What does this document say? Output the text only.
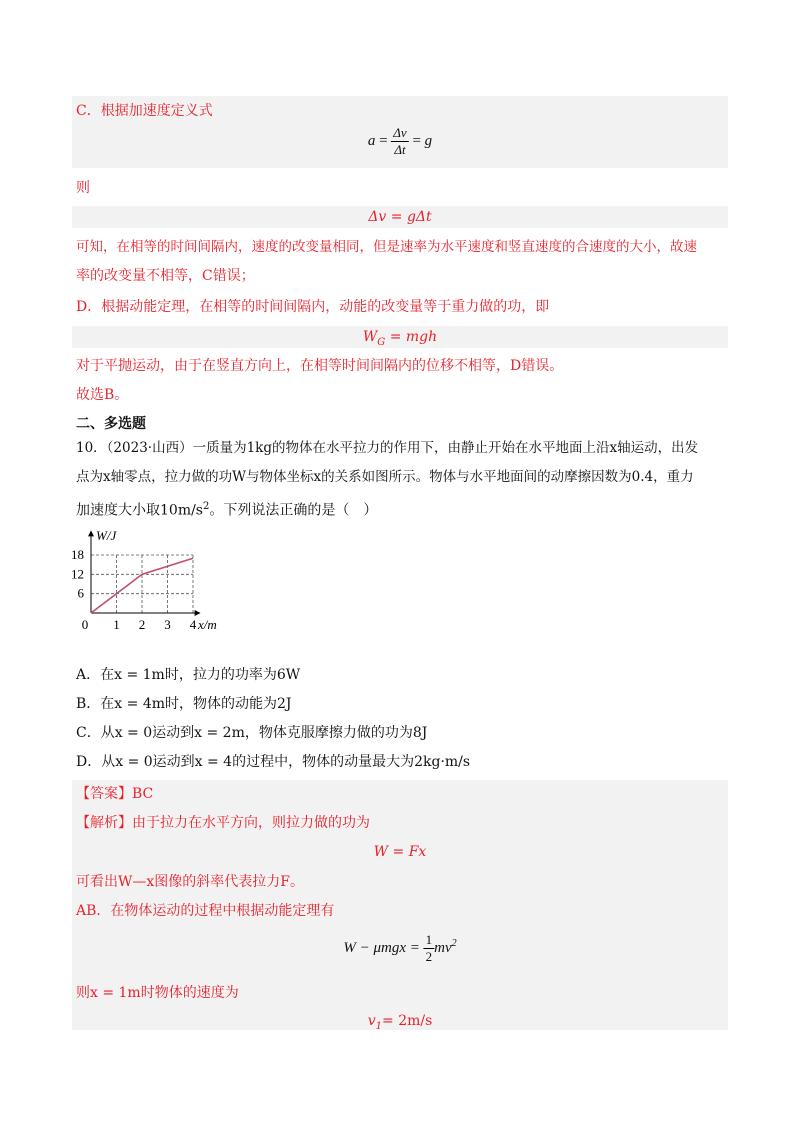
C．根据加速度定义式
$a = \frac{\Delta v}{\Delta t} = g$
则
Δv = gΔt
可知，在相等的时间间隔内，速度的改变量相同，但是速率为水平速度和竖直速度的合速度的大小，故速
率的改变量不相等，C错误；
D．根据动能定理，在相等的时间间隔内，动能的改变量等于重力做的功，即
$W_G$ = mgh
对于平抛运动，由于在竖直方向上，在相等时间间隔内的位移不相等，D错误。
故选B。
二、多选题
10．（2023·山西）一质量为1kg的物体在水平拉力的作用下，由静止开始在水平地面上沿x轴运动，出发
点为x轴零点，拉力做的功W与物体坐标x的关系如图所示。物体与水平地面间的动摩擦因数为0.4，重力
加速度大小取$10m/s^2$。下列说法正确的是（　）
1 2 3 4
6
12
18
W/J
x/m
0
A．在x = 1m时，拉力的功率为6W
B．在x = 4m时，物体的动能为2J
C．从x = 0运动到x = 2m，物体克服摩擦力做的功为8J
D．从x = 0运动到x = 4的过程中，物体的动量最大为2kg·m/s
【答案】BC
【解析】由于拉力在水平方向，则拉力做的功为
W = Fx
可看出W—x图像的斜率代表拉力F。
AB．在物体运动的过程中根据动能定理有
$W - \mu mgx = \frac{1}{2} mv^2$
则x = 1m时物体的速度为
$v_1= 2m/s$
